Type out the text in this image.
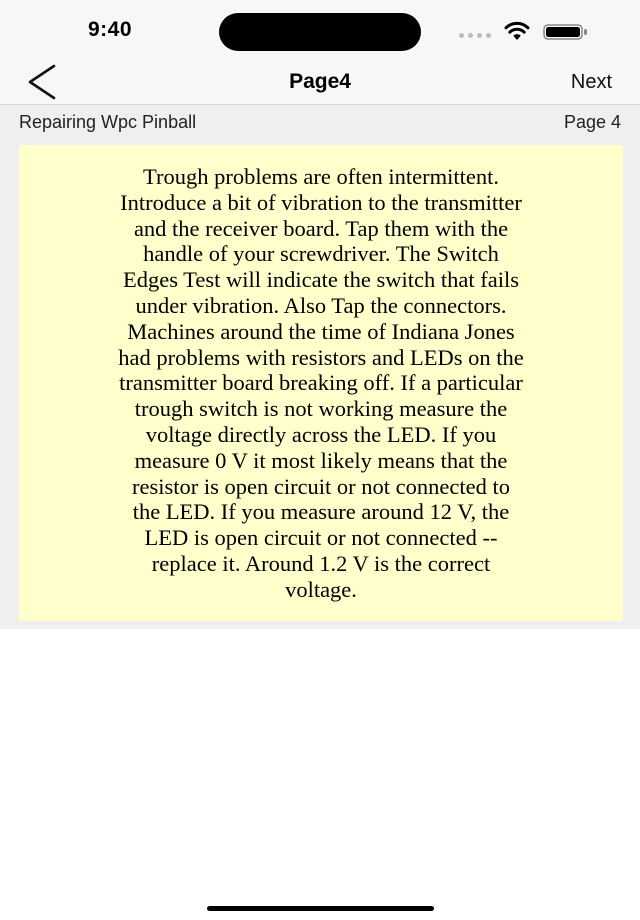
9:40
Page4	Next
Repairing Wpc Pinball	Page 4
Trough problems are often intermittent.
Introduce a bit of vibration to the transmitter
and the receiver board. Tap them with the
handle of your screwdriver. The Switch
Edges Test will indicate the switch that fails
under vibration. Also Tap the connectors.
Machines around the time of Indiana Jones
had problems with resistors and LEDs on the
transmitter board breaking off. If a particular
trough switch is not working measure the
voltage directly across the LED. If you
measure 0 V it most likely means that the
resistor is open circuit or not connected to
the LED. If you measure around 12 V, the
LED is open circuit or not connected --
replace it. Around 1.2 V is the correct
voltage.
